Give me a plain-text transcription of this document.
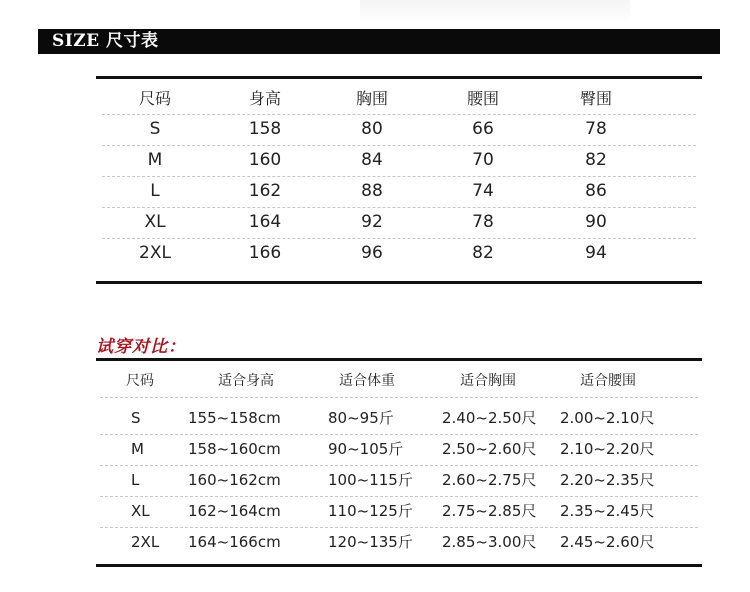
SIZE 尺寸表
尺码	身高	胸围	腰围	臀围
S	158	80	66	78
M	160	84	70	82
L	162	88	74	86
XL	164	92	78	90
2XL	166	96	82	94
试穿对比：
尺码	适合身高	适合体重	适合胸围	适合腰围
S	155~158cm	80~95斤	2.40~2.50尺 2.00~2.10尺
M	158~160cm	90~105斤	2.50~2.60尺 2.10~2.20尺
L	160~162cm	100~115斤 2.60~2.75尺 2.20~2.35尺
XL	162~164cm	110~125斤 2.75~2.85尺 2.35~2.45尺
2XL 164~166cm	120~135斤 2.85~3.00尺 2.45~2.60尺
